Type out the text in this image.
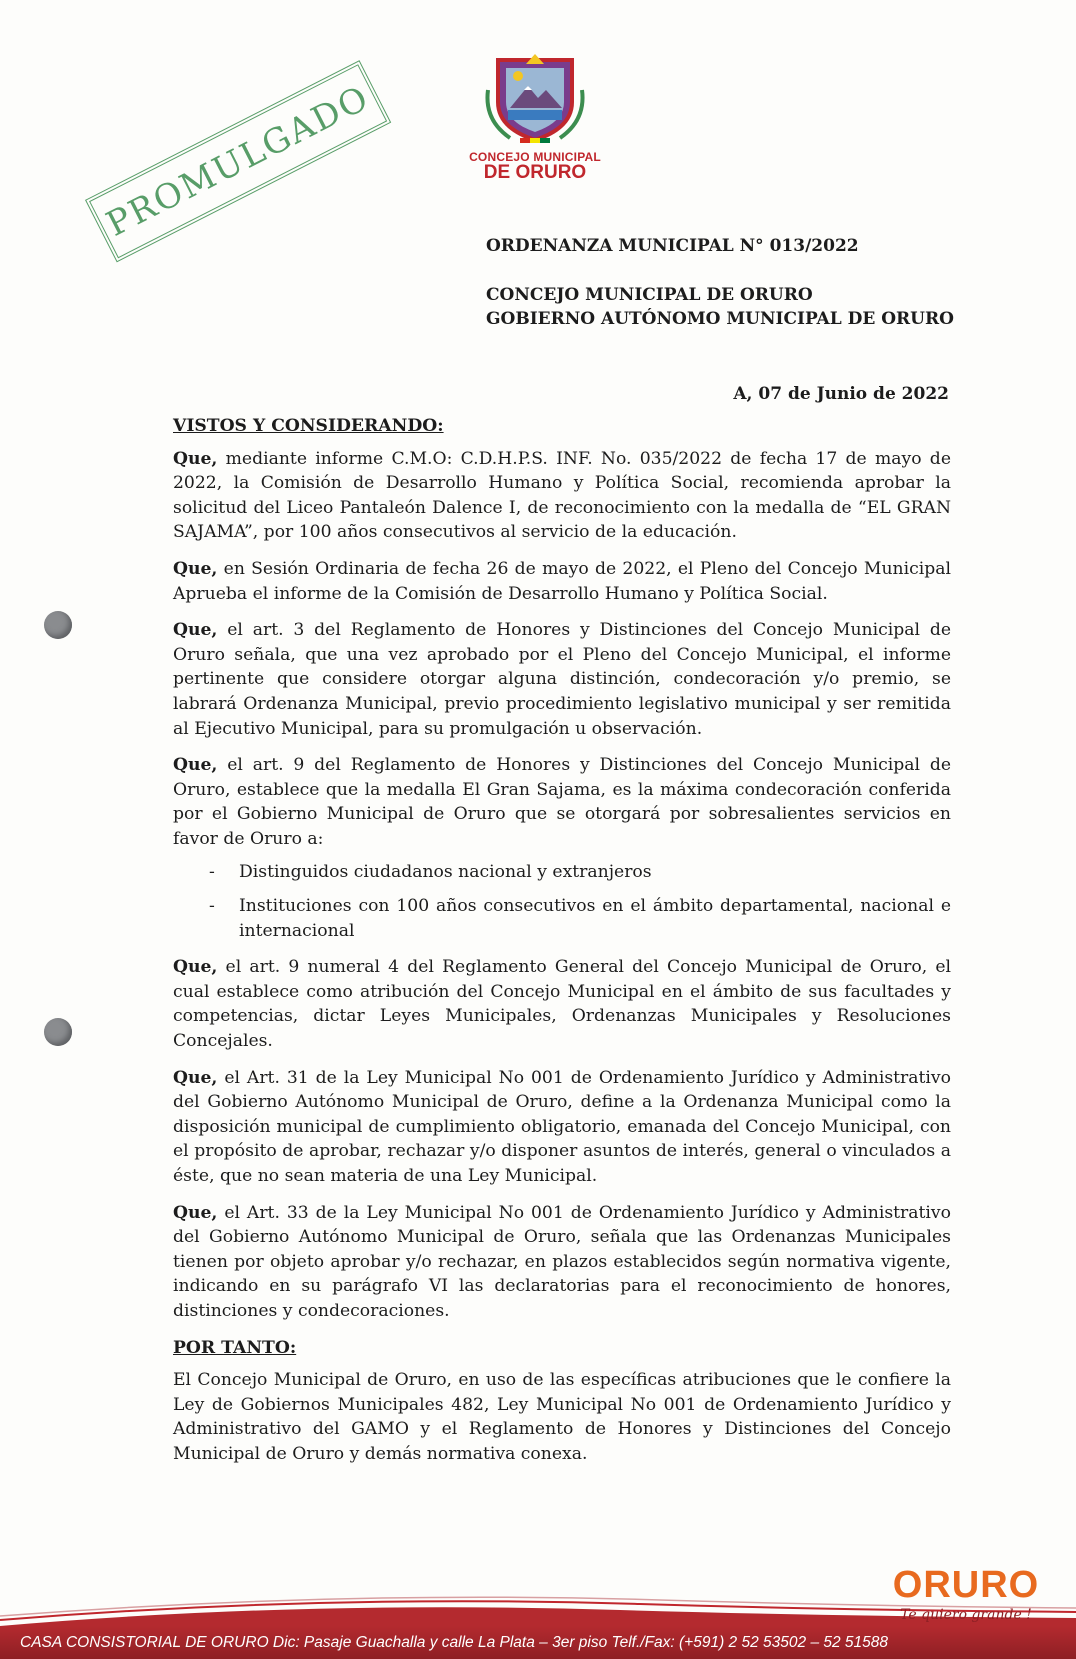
CONCEJO MUNICIPAL
DE ORURO
PROMULGADO
ORDENANZA MUNICIPAL N° 013/2022
CONCEJO MUNICIPAL DE ORURO
GOBIERNO AUTÓNOMO MUNICIPAL DE ORURO
A, 07 de Junio de 2022

VISTOS Y CONSIDERANDO:

Que, mediante informe C.M.O: C.D.H.P.S. INF. No. 035/2022 de fecha 17 de mayo de 2022, la Comisión de Desarrollo Humano y Política Social, recomienda aprobar la solicitud del Liceo Pantaleón Dalence I, de reconocimiento con la medalla de “EL GRAN SAJAMA”, por 100 años consecutivos al servicio de la educación.

Que, en Sesión Ordinaria de fecha 26 de mayo de 2022, el Pleno del Concejo Municipal Aprueba el informe de la Comisión de Desarrollo Humano y Política Social.

Que, el art. 3 del Reglamento de Honores y Distinciones del Concejo Municipal de Oruro señala, que una vez aprobado por el Pleno del Concejo Municipal, el informe pertinente que considere otorgar alguna distinción, condecoración y/o premio, se labrará Ordenanza Municipal, previo procedimiento legislativo municipal y ser remitida al Ejecutivo Municipal, para su promulgación u observación.

Que, el art. 9 del Reglamento de Honores y Distinciones del Concejo Municipal de Oruro, establece que la medalla El Gran Sajama, es la máxima condecoración conferida por el Gobierno Municipal de Oruro que se otorgará por sobresalientes servicios en favor de Oruro a:

- Distinguidos ciudadanos nacional y extranjeros
- Instituciones con 100 años consecutivos en el ámbito departamental, nacional e internacional

Que, el art. 9 numeral 4 del Reglamento General del Concejo Municipal de Oruro, el cual establece como atribución del Concejo Municipal en el ámbito de sus facultades y competencias, dictar Leyes Municipales, Ordenanzas Municipales y Resoluciones Concejales.

Que, el Art. 31 de la Ley Municipal No 001 de Ordenamiento Jurídico y Administrativo del Gobierno Autónomo Municipal de Oruro, define a la Ordenanza Municipal como la disposición municipal de cumplimiento obligatorio, emanada del Concejo Municipal, con el propósito de aprobar, rechazar y/o disponer asuntos de interés, general o vinculados a éste, que no sean materia de una Ley Municipal.

Que, el Art. 33 de la Ley Municipal No 001 de Ordenamiento Jurídico y Administrativo del Gobierno Autónomo Municipal de Oruro, señala que las Ordenanzas Municipales tienen por objeto aprobar y/o rechazar, en plazos establecidos según normativa vigente, indicando en su parágrafo VI las declaratorias para el reconocimiento de honores, distinciones y condecoraciones.

POR TANTO:

El Concejo Municipal de Oruro, en uso de las específicas atribuciones que le confiere la Ley de Gobiernos Municipales 482, Ley Municipal No 001 de Ordenamiento Jurídico y Administrativo del GAMO y el Reglamento de Honores y Distinciones del Concejo Municipal de Oruro y demás normativa conexa.

ORURO
Te quiero grande !
CASA CONSISTORIAL DE ORURO Dic: Pasaje Guachalla y calle La Plata – 3er piso Telf./Fax: (+591) 2 52 53502 – 52 51588
